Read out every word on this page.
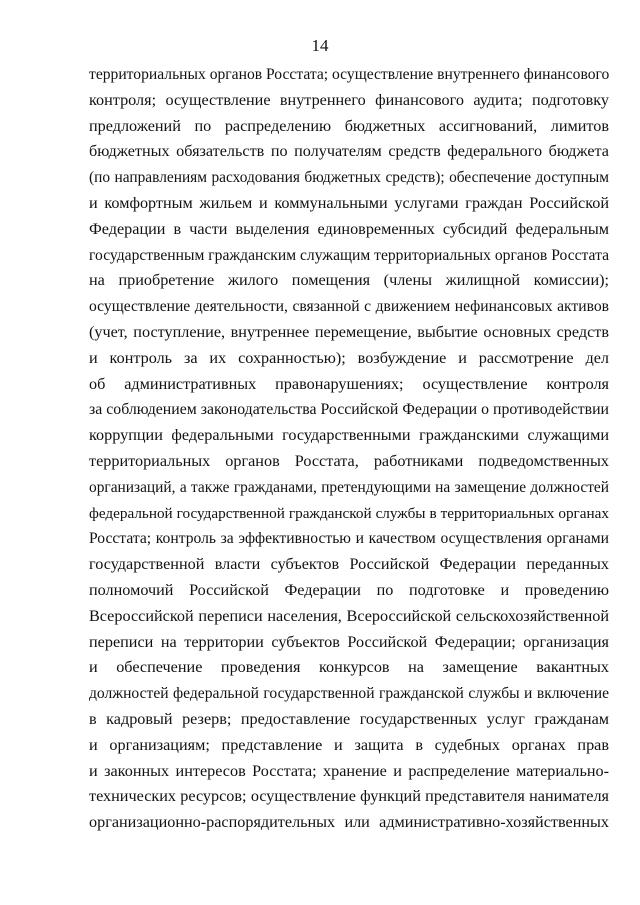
14
территориальных органов Росстата; осуществление внутреннего финансового
контроля; осуществление внутреннего финансового аудита; подготовку
предложений по распределению бюджетных ассигнований, лимитов
бюджетных обязательств по получателям средств федерального бюджета
(по направлениям расходования бюджетных средств); обеспечение доступным
и комфортным жильем и коммунальными услугами граждан Российской
Федерации в части выделения единовременных субсидий федеральным
государственным гражданским служащим территориальных органов Росстата
на приобретение жилого помещения (члены жилищной комиссии);
осуществление деятельности, связанной с движением нефинансовых активов
(учет, поступление, внутреннее перемещение, выбытие основных средств
и контроль за их сохранностью); возбуждение и рассмотрение дел
об административных правонарушениях; осуществление контроля
за соблюдением законодательства Российской Федерации о противодействии
коррупции федеральными государственными гражданскими служащими
территориальных органов Росстата, работниками подведомственных
организаций, а также гражданами, претендующими на замещение должностей
федеральной государственной гражданской службы в территориальных органах
Росстата; контроль за эффективностью и качеством осуществления органами
государственной власти субъектов Российской Федерации переданных
полномочий Российской Федерации по подготовке и проведению
Всероссийской переписи населения, Всероссийской сельскохозяйственной
переписи на территории субъектов Российской Федерации; организация
и обеспечение проведения конкурсов на замещение вакантных
должностей федеральной государственной гражданской службы и включение
в кадровый резерв; предоставление государственных услуг гражданам
и организациям; представление и защита в судебных органах прав
и законных интересов Росстата; хранение и распределение материально-
технических ресурсов; осуществление функций представителя нанимателя
организационно-распорядительных или административно-хозяйственных
